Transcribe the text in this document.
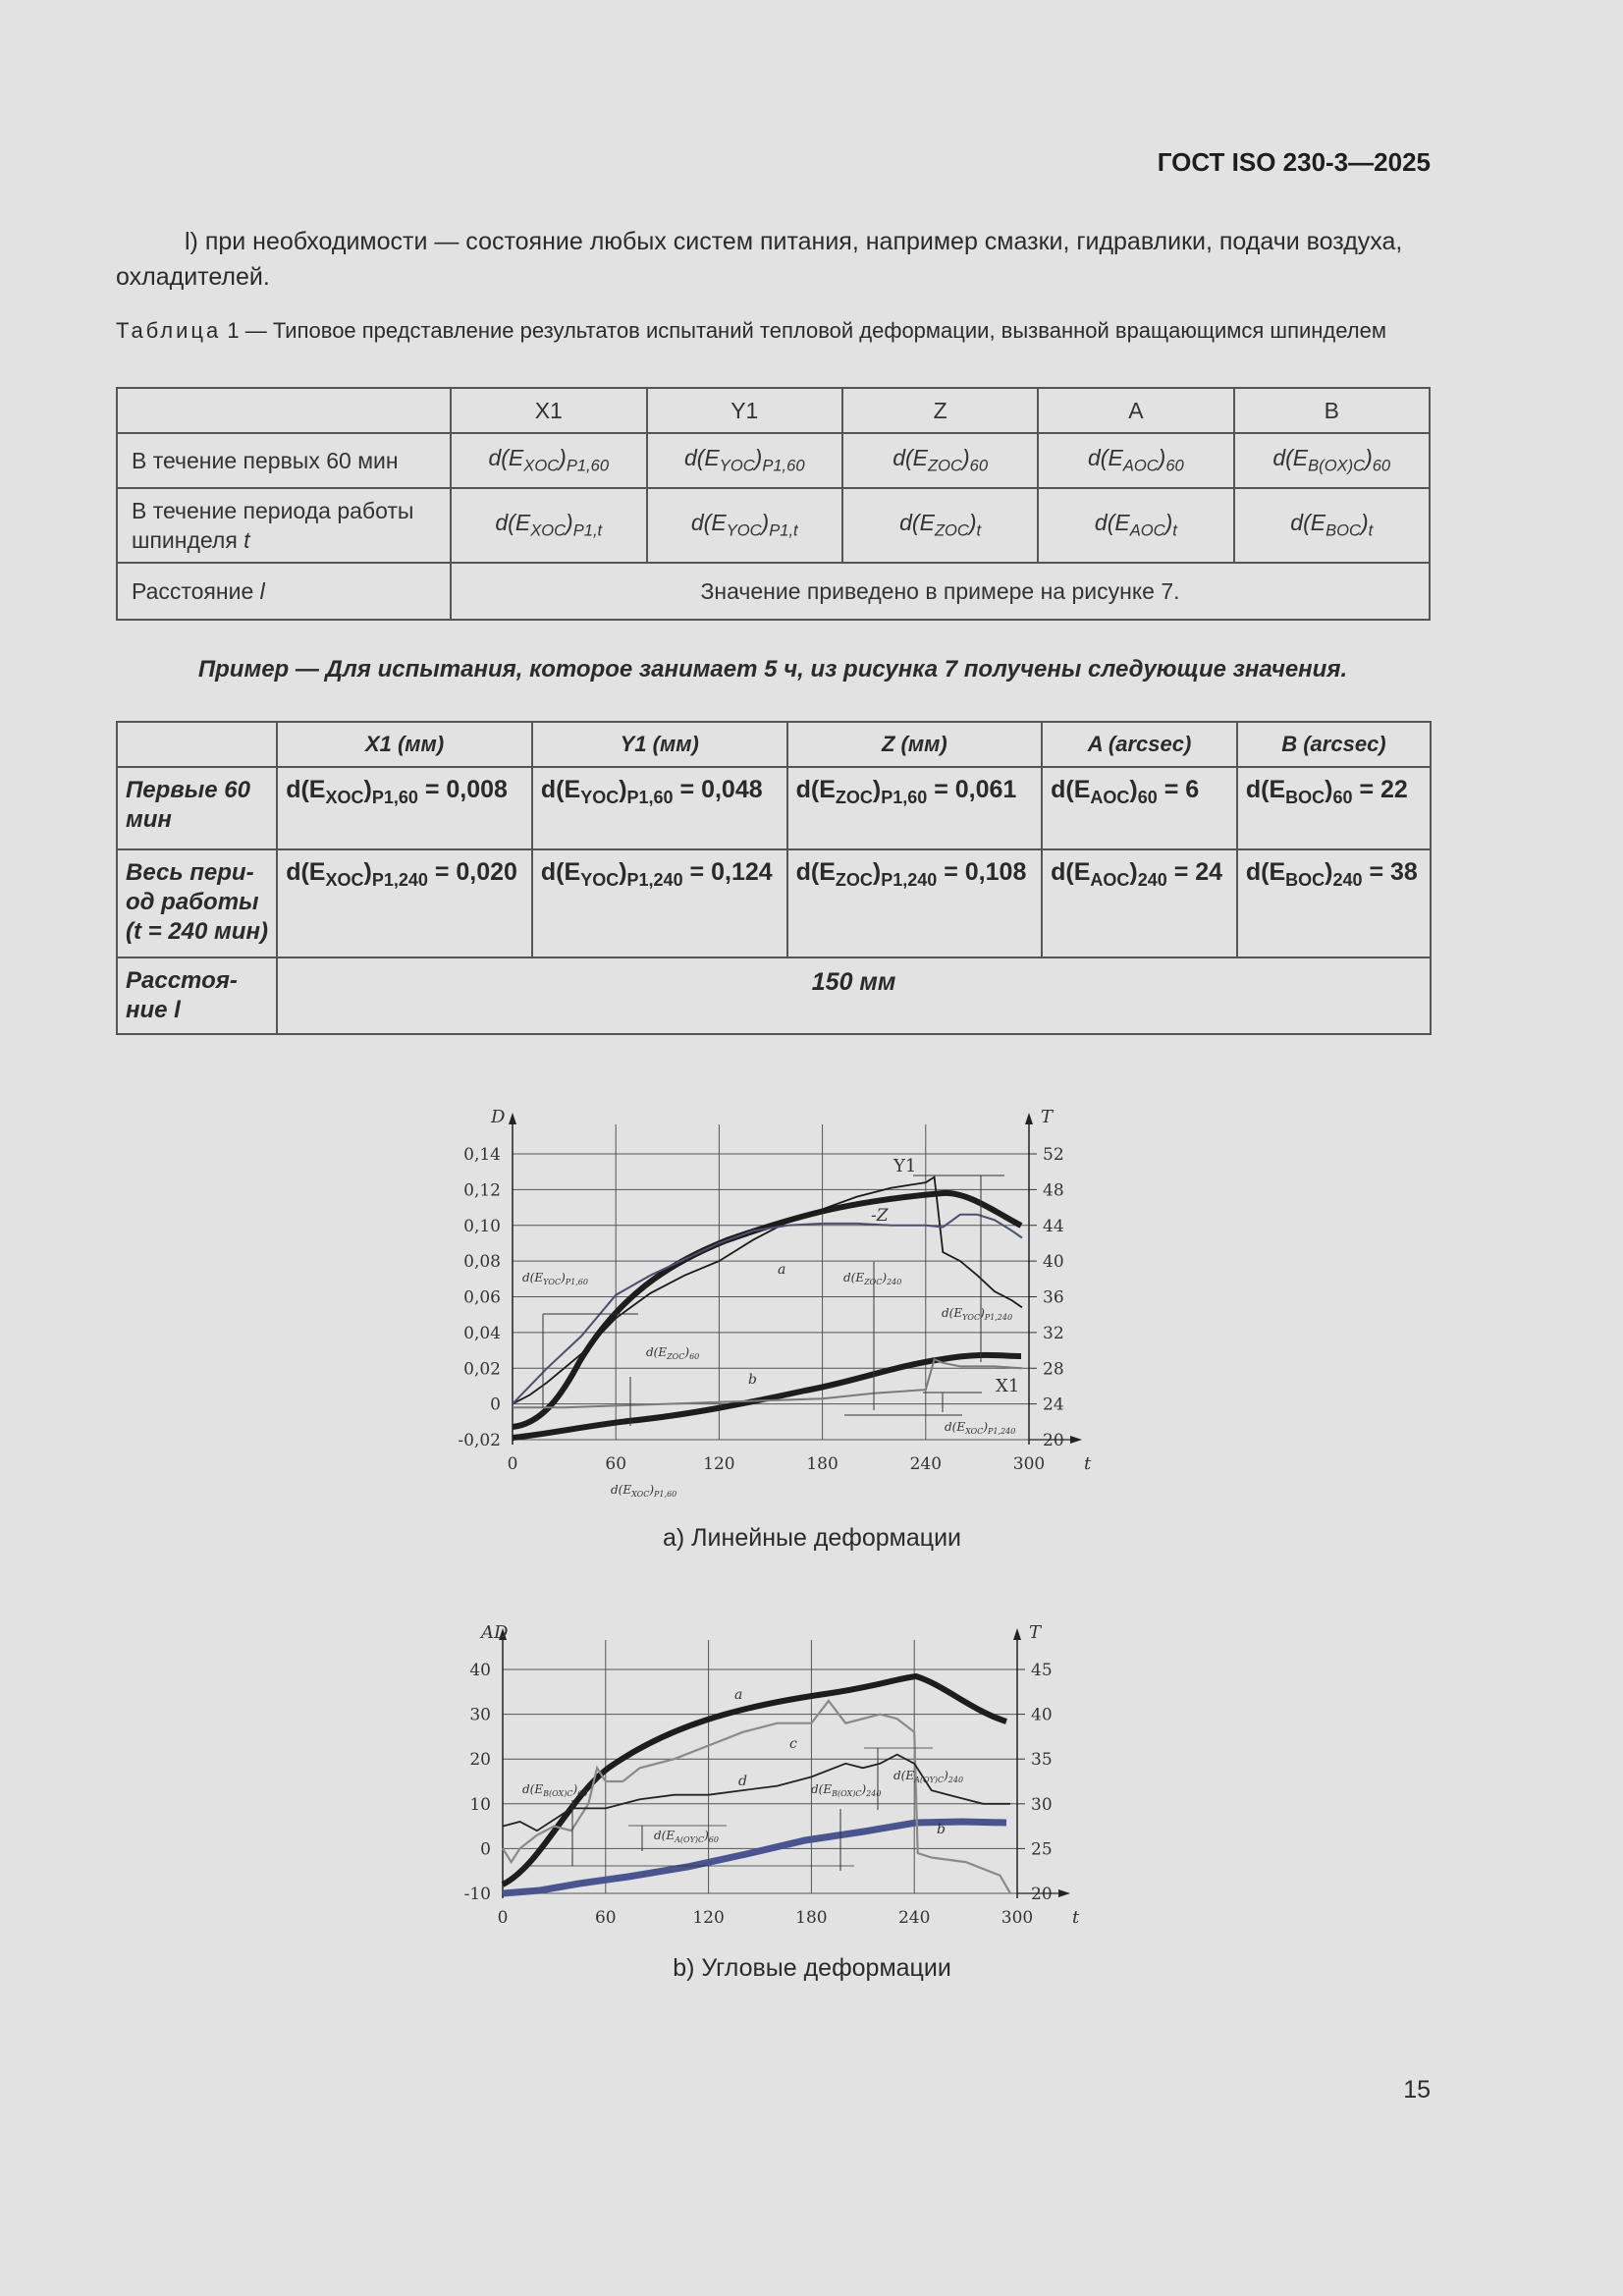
ГОСТ ISO 230-3—2025
l) при необходимости — состояние любых систем питания, например смазки, гидравлики, подачи воздуха, охладителей.
Таблица 1 — Типовое представление результатов испытаний тепловой деформации, вызванной вращающимся шпинделем
	X1	Y1	Z	A	B
В течение первых 60 мин	$d(E_{XOC})_{P1,60}$	$d(E_{YOC})_{P1,60}$	$d(E_{ZOC})_{60}$	$d(E_{AOC})_{60}$	$d(E_{B(OX)C})_{60}$
В течение периода работы шпинделя t	$d(E_{XOC})_{P1,t}$	$d(E_{YOC})_{P1,t}$	$d(E_{ZOC})_t$	$d(E_{AOC})_t$	$d(E_{BOC})_t$
Расстояние l	Значение приведено в примере на рисунке 7.				
Пример — Для испытания, которое занимает 5 ч, из рисунка 7 получены следующие значения.
	X1 (мм)	Y1 (мм)	Z (мм)	A (arcsec)	B (arcsec)
Первые 60 мин	$d(E_{XOC})_{P1,60} = 0,008$	$d(E_{YOC})_{P1,60} = 0,048$	$d(E_{ZOC})_{P1,60} = 0,061$	$d(E_{AOC})_{60} = 6$	$d(E_{BOC})_{60} = 22$
Весь пери- од работы (t = 240 мин)	$d(E_{XOC})_{P1,240} = 0,020$	$d(E_{YOC})_{P1,240} = 0,124$	$d(E_{ZOC})_{P1,240} = 0,108$	$d(E_{AOC})_{240} = 24$	$d(E_{BOC})_{240} = 38$
Расстоя- ние l	150 мм				
0,14	52
0,12	48
0,10	44
0,08	40
0,06	36
0,04	32
0,02	28
0	24
-0,02	20
0	60	120	180	240	300
D	T
t
Y1
-Z
X1
a
b
$d(E_{YOC})_{P1,60}$
$d(E_{ZOC})_{60}$
$d(E_{ZOC})_{240}$
$d(E_{YOC})_{P1,240}$
$d(E_{XOC})_{P1,240}$
$d(E_{XOC})_{P1,60}$
a) Линейные деформации
40	45
30	40
20	35
10	30
0	25
-10	20
0	60	120	180	240	300
AD	T
t
a
b
c
d
$d(E_{B(OX)C})_{60}$
$d(E_{A(OY)C})_{60}$
$d(E_{B(OX)C})_{240}$
$d(E_{A(OY)C})_{240}$
b) Угловые деформации
15
